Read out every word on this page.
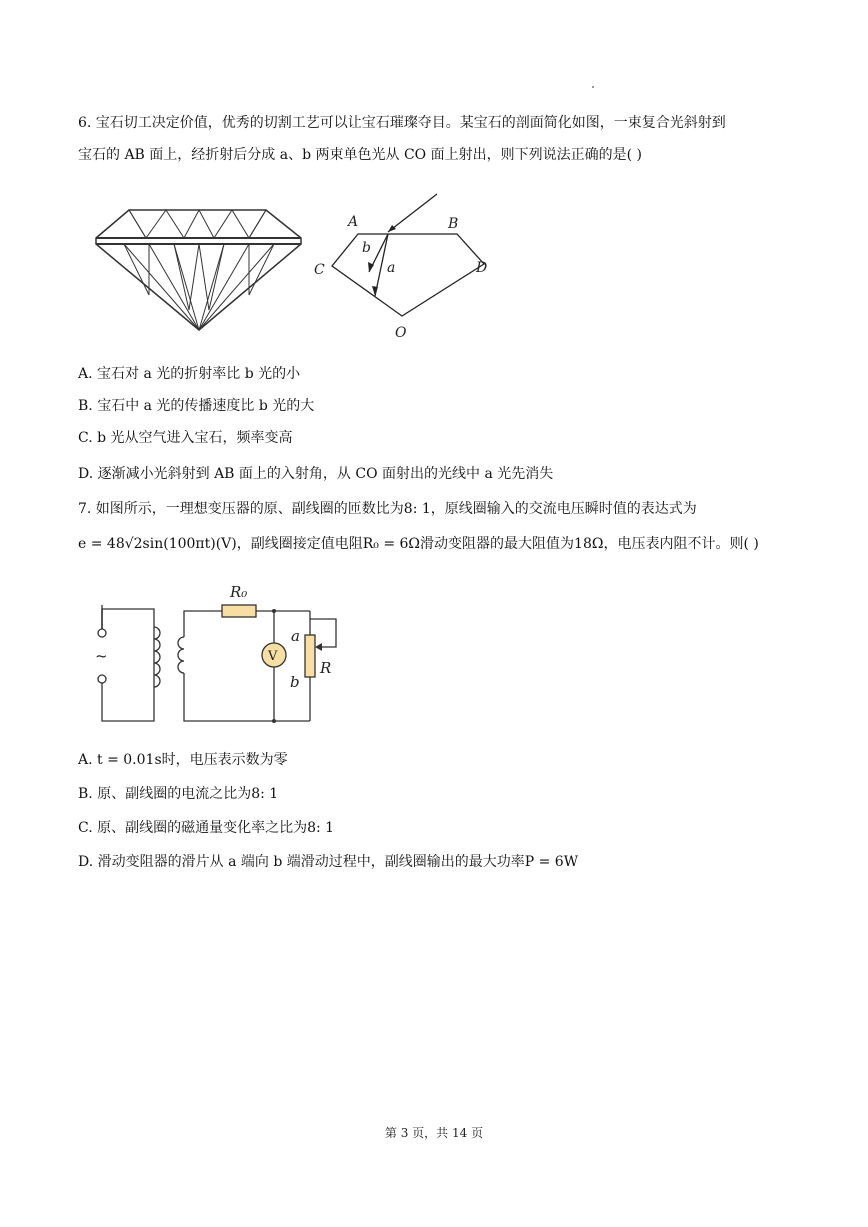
6. 宝石切工决定价值，优秀的切割工艺可以让宝石璀璨夺目。某宝石的剖面简化如图，一束复合光斜射到
宝石的 AB 面上，经折射后分成 a、b 两束单色光从 CO 面上射出，则下列说法正确的是( )
A	B
C	D
O
b
a
A. 宝石对 a 光的折射率比 b 光的小
B. 宝石中 a 光的传播速度比 b 光的大
C. b 光从空气进入宝石，频率变高
D. 逐渐减小光斜射到 AB 面上的入射角，从 CO 面射出的光线中 a 光先消失
7. 如图所示，一理想变压器的原、副线圈的匝数比为8: 1，原线圈输入的交流电压瞬时值的表达式为
e = 48√2sin(100πt)(V)，副线圈接定值电阻R₀ = 6Ω滑动变阻器的最大阻值为18Ω，电压表内阻不计。则( )
R₀
V
a
b
R
~
A. t = 0.01s时，电压表示数为零
B. 原、副线圈的电流之比为8: 1
C. 原、副线圈的磁通量变化率之比为8: 1
D. 滑动变阻器的滑片从 a 端向 b 端滑动过程中，副线圈输出的最大功率P = 6W
第 3 页，共 14 页
